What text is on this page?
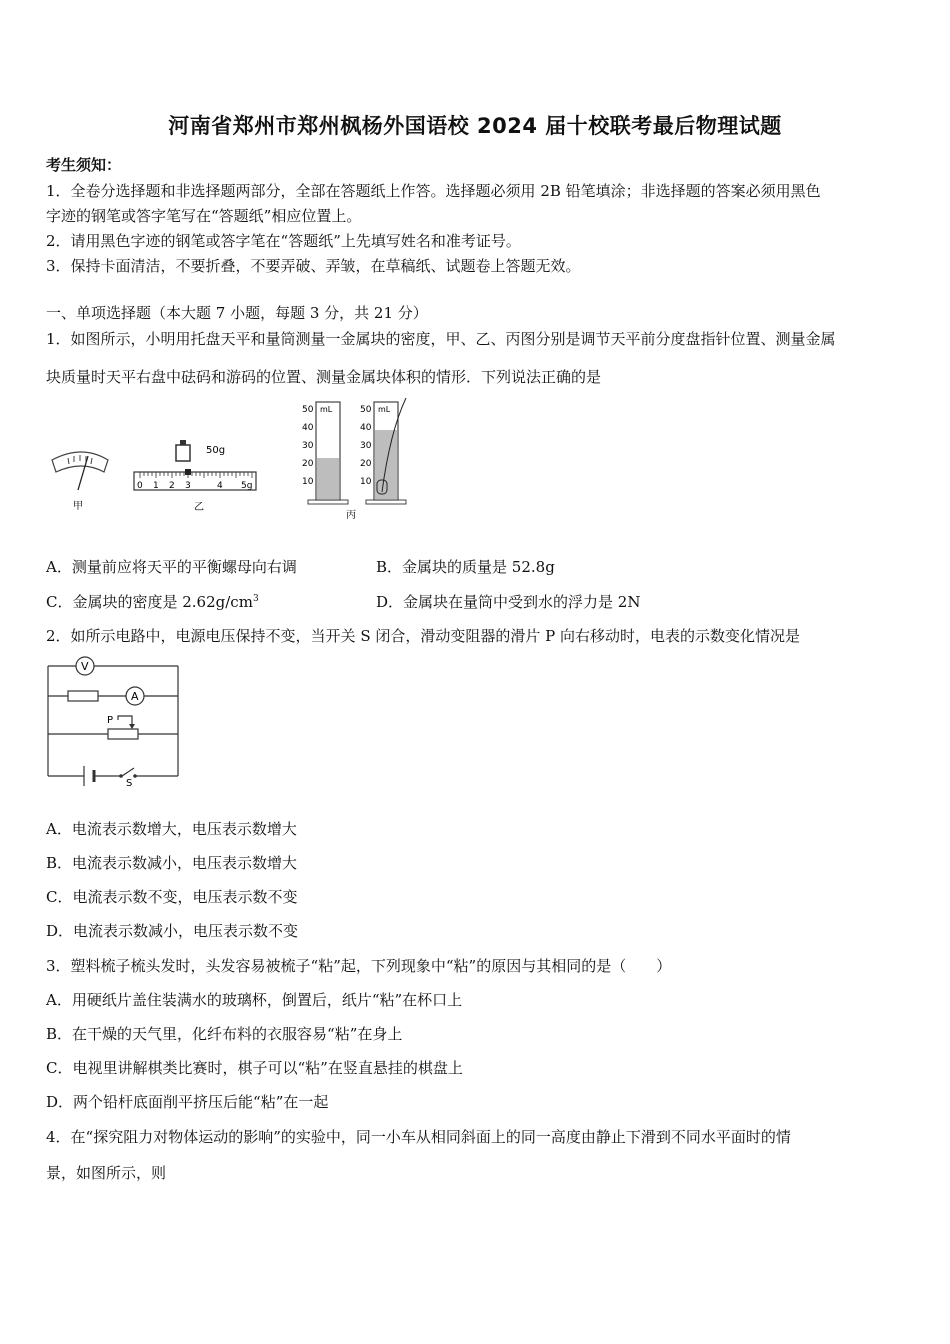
河南省郑州市郑州枫杨外国语校 2024 届十校联考最后物理试题
考生须知：
1．全卷分选择题和非选择题两部分，全部在答题纸上作答。选择题必须用 2B 铅笔填涂；非选择题的答案必须用黑色
字迹的钢笔或答字笔写在“答题纸”相应位置上。
2．请用黑色字迹的钢笔或答字笔在“答题纸”上先填写姓名和准考证号。
3．保持卡面清洁，不要折叠，不要弄破、弄皱，在草稿纸、试题卷上答题无效。
一、单项选择题（本大题 7 小题，每题 3 分，共 21 分）
1．如图所示，小明用托盘天平和量筒测量一金属块的密度，甲、乙、丙图分别是调节天平前分度盘指针位置、测量金属
块质量时天平右盘中砝码和游码的位置、测量金属块体积的情形．下列说法正确的是
甲
50g
0 1 2 3	4 5g
乙
mL
50
40
30
20
10
mL
50
40
30
20
10
丙
A．测量前应将天平的平衡螺母向右调	B．金属块的质量是 52.8g
C．金属块的密度是 $2.62g/cm^3$	D．金属块在量筒中受到水的浮力是 2N
2．如所示电路中，电源电压保持不变，当开关 S 闭合，滑动变阻器的滑片 P 向右移动时，电表的示数变化情况是
V
A
P
S
A．电流表示数增大，电压表示数增大
B．电流表示数减小，电压表示数增大
C．电流表示数不变，电压表示数不变
D．电流表示数减小，电压表示数不变
3．塑料梳子梳头发时，头发容易被梳子“粘”起，下列现象中“粘”的原因与其相同的是（　　）
A．用硬纸片盖住装满水的玻璃杯，倒置后，纸片“粘”在杯口上
B．在干燥的天气里，化纤布料的衣服容易“粘”在身上
C．电视里讲解棋类比赛时，棋子可以“粘”在竖直悬挂的棋盘上
D．两个铅杆底面削平挤压后能“粘”在一起
4．在“探究阻力对物体运动的影响”的实验中，同一小车从相同斜面上的同一高度由静止下滑到不同水平面时的情
景，如图所示，则
